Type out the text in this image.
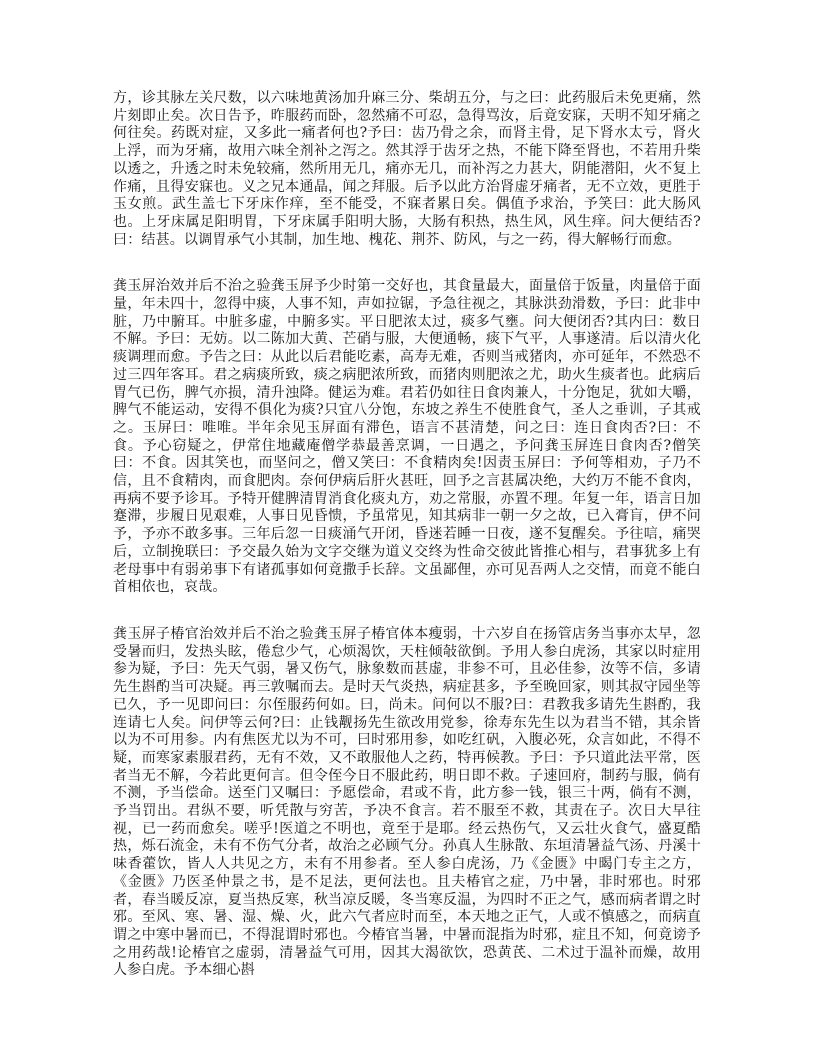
方，诊其脉左关尺数，以六味地黄汤加升麻三分、柴胡五分，与之曰：此药服后未免更痛，然片刻即止矣。次日告予，昨服药而卧，忽然痛不可忍，急得骂汝，后竟安寐，天明不知牙痛之何往矣。药既对症，又多此一痛者何也?予曰：齿乃骨之余，而肾主骨，足下肾水太亏，肾火上浮，而为牙痛，故用六味全剂补之泻之。然其浮于齿牙之热，不能下降至肾也，不若用升柴以透之，升透之时未免较痛，然所用无几，痛亦无几，而补泻之力甚大，阴能潜阳，火不复上作痛，且得安寐也。义之兄本通晶，闻之拜服。后予以此方治肾虚牙痛者，无不立效，更胜于玉女煎。武生盖七下牙床作痒，至不能受，不寐者累日矣。偶值予求治，予笑曰：此大肠风也。上牙床属足阳明胃，下牙床属手阳明大肠，大肠有积热，热生风，风生痒。问大便结否?曰：结甚。以调胃承气小其制，加生地、槐花、荆芥、防风，与之一药，得大解畅行而愈。

龚玉屏治效并后不治之验龚玉屏予少时第一交好也，其食量最大，面量倍于饭量，肉量倍于面量，年未四十，忽得中痰，人事不知，声如拉锯，予急往视之，其脉洪劲滑数，予曰：此非中脏，乃中腑耳。中脏多虚，中腑多实。平日肥浓太过，痰多气壅。问大便闭否?其内曰：数日不解。予曰：无妨。以二陈加大黄、芒硝与服，大便通畅，痰下气平，人事遂清。后以清火化痰调理而愈。予告之曰：从此以后君能吃素，高寿无难，否则当戒猪肉，亦可延年，不然恐不过三四年客耳。君之病痰所致，痰之病肥浓所致，而猪肉则肥浓之尤，助火生痰者也。此病后胃气已伤，脾气亦损，清升浊降。健运为难。君若仍如往日食肉兼人，十分饱足，犹如大嚼，脾气不能运动，安得不俱化为痰?只宜八分饱，东坡之养生不使胜食气，圣人之垂训，子其戒之。玉屏曰：唯唯。半年余见玉屏面有滞色，语言不甚清楚，问之曰：连日食肉否?曰：不食。予心窃疑之，伊常住地藏庵僧学恭最善烹调，一日遇之，予问龚玉屏连日食肉否?僧笑曰：不食。因其笑也，而坚问之，僧又笑曰：不食精肉矣!因责玉屏曰：予何等相劝，子乃不信，且不食精肉，而食肥肉。奈何伊病后肝火甚旺，回予之言甚属决绝，大约万不能不食肉，再病不要予诊耳。予特开健脾清胃消食化痰丸方，劝之常服，亦置不理。年复一年，语言日加蹇滞，步履日见艰难，人事日见昏愦，予虽常见，知其病非一朝一夕之故，已入膏肓，伊不问予，予亦不敢多事。三年后忽一日痰涌气开闭，昏迷若睡一日夜，遂不复醒矣。予往唁，痛哭后，立制挽联曰：予交最久始为文字交继为道义交终为性命交彼此皆推心相与，君事犹多上有老母事中有弱弟事下有诸孤事如何竟撒手长辞。文虽鄙俚，亦可见吾两人之交情，而竟不能白首相依也，哀哉。

龚玉屏子椿官治效并后不治之验龚玉屏子椿官体本瘦弱，十六岁自在扬管店务当事亦太早，忽受暑而归，发热头眩，倦怠少气，心烦渴饮，天柱倾敧欲倒。予用人参白虎汤，其家以时症用参为疑，予曰：先天气弱，暑又伤气，脉象数而甚虚，非参不可，且必佳参，汝等不信，多请先生斟酌当可决疑。再三敦嘱而去。是时天气炎热，病症甚多，予至晚回家，则其叔守园坐等已久，予一见即问曰：尔侄服药何如。曰，尚未。问何以不服?曰：君教我多请先生斟酌，我连请七人矣。问伊等云何?曰：止钱觏扬先生欲改用党参，徐寿东先生以为君当不错，其余皆以为不可用参。内有焦医尤以为不可，曰时邪用参，如吃红矾，入腹必死，众言如此，不得不疑，而寒家素服君药，无有不效，又不敢服他人之药，特再候教。予曰：予只道此法平常，医者当无不解，今若此更何言。但令侄今日不服此药，明日即不救。子速回府，制药与服，倘有不测，予当偿命。送至门又嘱曰：予愿偿命，君或不肯，此方参一钱，银三十两，倘有不测，予当罚出。君纵不要，听凭散与穷苦，予决不食言。若不服至不救，其责在子。次日大早往视，已一药而愈矣。嗟乎!医道之不明也，竟至于是耶。经云热伤气，又云壮火食气，盛夏酷热，烁石流金，未有不伤气分者，故治之必顾气分。孙真人生脉散、东垣清暑益气汤、丹溪十味香藿饮，皆人人共见之方，未有不用参者。至人参白虎汤，乃《金匮》中暍门专主之方，《金匮》乃医圣仲景之书，是不足法，更何法也。且夫椿官之症，乃中暑，非时邪也。时邪者，春当暖反凉，夏当热反寒，秋当凉反暖，冬当寒反温，为四时不正之气，感而病者谓之时邪。至风、寒、暑、湿、燥、火，此六气者应时而至，本天地之正气，人或不慎感之，而病直谓之中寒中暑而已，不得混谓时邪也。今椿官当暑，中暑而混指为时邪，症且不知，何竟谤予之用药哉!论椿官之虚弱，清暑益气可用，因其大渴欲饮，恐黄芪、二术过于温补而燥，故用人参白虎。予本细心斟
